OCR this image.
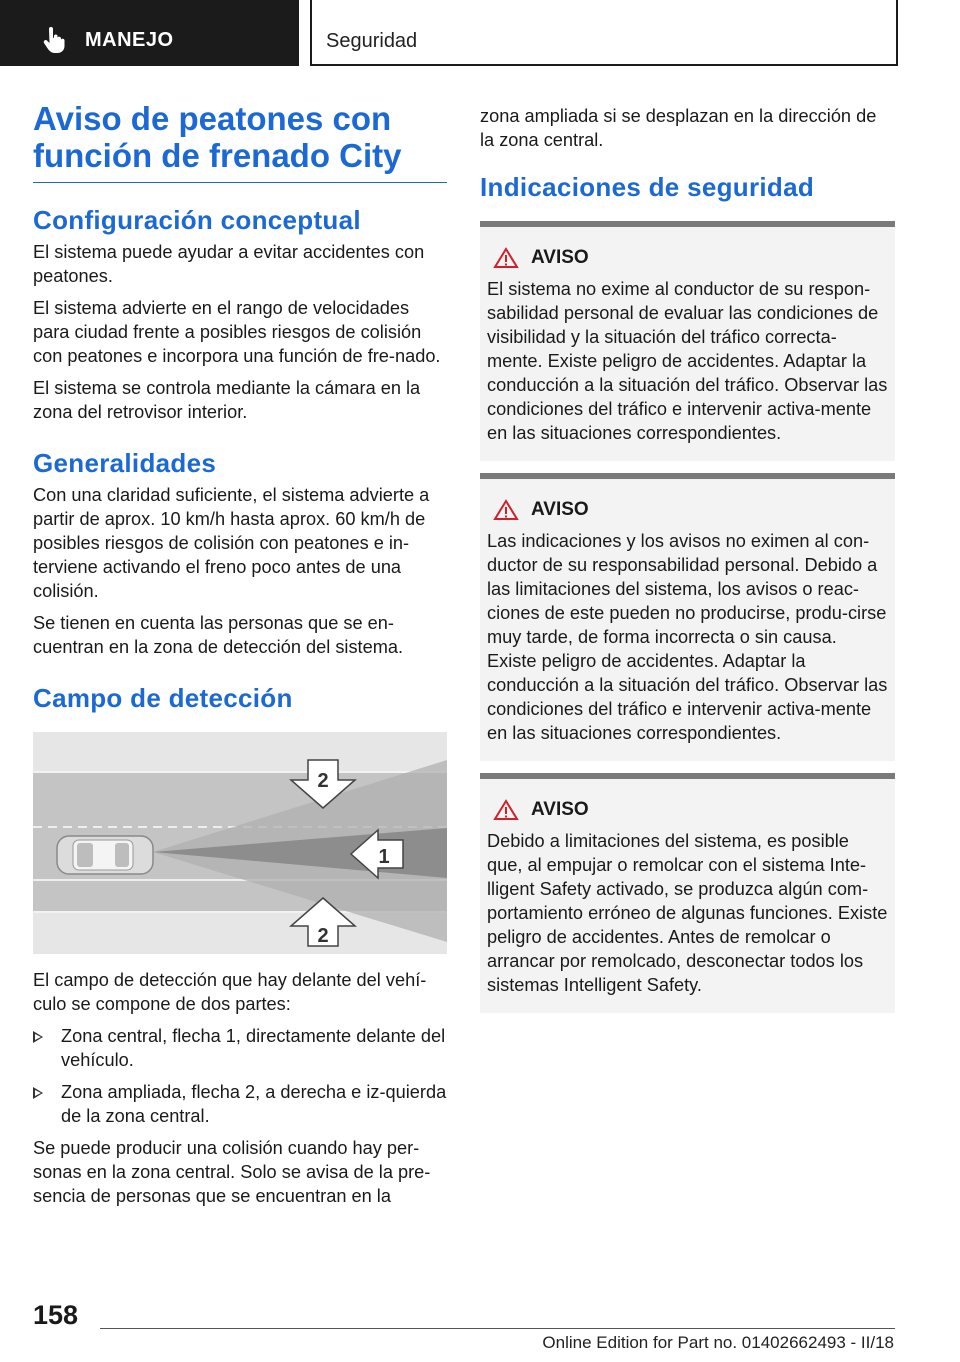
MANEJO	Seguridad
Aviso de peatones con función de frenado City
Configuración conceptual

El sistema puede ayudar a evitar accidentes con peatones.

El sistema advierte en el rango de velocidades para ciudad frente a posibles riesgos de colisión con peatones e incorpora una función de fre-nado.

El sistema se controla mediante la cámara en la zona del retrovisor interior.

Generalidades

Con una claridad suficiente, el sistema advierte a partir de aprox. 10 km/h hasta aprox. 60 km/h de posibles riesgos de colisión con peatones e in-terviene activando el freno poco antes de una colisión.

Se tienen en cuenta las personas que se en-cuentran en la zona de detección del sistema.

Campo de detección
2
1
2

El campo de detección que hay delante del vehí-culo se compone de dos partes:

Zona central, flecha 1, directamente delante del vehículo.
Zona ampliada, flecha 2, a derecha e iz-quierda de la zona central.

Se puede producir una colisión cuando hay per-sonas en la zona central. Solo se avisa de la pre-sencia de personas que se encuentran en la

zona ampliada si se desplazan en la dirección de la zona central.

Indicaciones de seguridad
AVISO

El sistema no exime al conductor de su respon-sabilidad personal de evaluar las condiciones de visibilidad y la situación del tráfico correcta-mente. Existe peligro de accidentes. Adaptar la conducción a la situación del tráfico. Observar las condiciones del tráfico e intervenir activa-mente en las situaciones correspondientes.

AVISO

Las indicaciones y los avisos no eximen al con-ductor de su responsabilidad personal. Debido a las limitaciones del sistema, los avisos o reac-ciones de este pueden no producirse, produ-cirse muy tarde, de forma incorrecta o sin causa. Existe peligro de accidentes. Adaptar la conducción a la situación del tráfico. Observar las condiciones del tráfico e intervenir activa-mente en las situaciones correspondientes.

AVISO

Debido a limitaciones del sistema, es posible que, al empujar o remolcar con el sistema Inte-lligent Safety activado, se produzca algún com-portamiento erróneo de algunas funciones. Existe peligro de accidentes. Antes de remolcar o arrancar por remolcado, desconectar todos los sistemas Intelligent Safety.

158
Online Edition for Part no. 01402662493 - II/18
